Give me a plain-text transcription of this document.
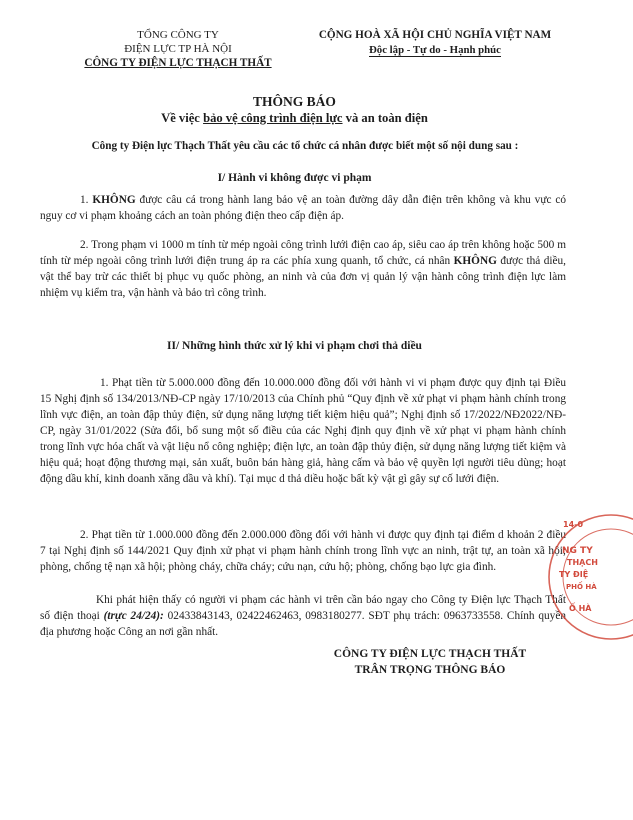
TỔNG CÔNG TY
ĐIỆN LỰC TP HÀ NỘI
CÔNG TY ĐIỆN LỰC THẠCH THẤT
CỘNG HOÀ XÃ HỘI CHỦ NGHĨA VIỆT NAM
Độc lập - Tự do - Hạnh phúc
THÔNG BÁO
Về việc bảo vệ công trình điện lực và an toàn điện
Công ty Điện lực Thạch Thất yêu cầu các tổ chức cá nhân được biết một số nội dung sau :
I/ Hành vi không được vi phạm

1. KHÔNG được câu cá trong hành lang bảo vệ an toàn đường dây dẫn điện trên không và khu vực có nguy cơ vi phạm khoảng cách an toàn phóng điện theo cấp điện áp.

2. Trong phạm vi 1000 m tính từ mép ngoài công trình lưới điện cao áp, siêu cao áp trên không hoặc 500 m tính từ mép ngoài công trình lưới điện trung áp ra các phía xung quanh, tổ chức, cá nhân KHÔNG được thả diều, vật thể bay trừ các thiết bị phục vụ quốc phòng, an ninh và của đơn vị quản lý vận hành công trình điện lực làm nhiệm vụ kiểm tra, vận hành và bảo trì công trình.

II/ Những hình thức xử lý khi vi phạm chơi thả diều

1. Phạt tiền từ 5.000.000 đồng đến 10.000.000 đồng đối với hành vi vi phạm được quy định tại Điều 15 Nghị định số 134/2013/NĐ-CP ngày 17/10/2013 của Chính phủ “Quy định về xử phạt vi phạm hành chính trong lĩnh vực điện, an toàn đập thủy điện, sử dụng năng lượng tiết kiệm hiệu quả”; Nghị định số 17/2022/NĐ2022/NĐ-CP, ngày 31/01/2022 (Sửa đổi, bổ sung một số điều của các Nghị định quy định về xử phạt vi phạm hành chính trong lĩnh vực hóa chất và vật liệu nổ công nghiệp; điện lực, an toàn đập thủy điện, sử dụng năng lượng tiết kiệm và hiệu quả; hoạt động thương mại, sản xuất, buôn bán hàng giả, hàng cấm và bảo vệ quyền lợi người tiêu dùng; hoạt động dầu khí, kinh doanh xăng dầu và khí). Tại mục d thả diều hoặc bất kỳ vật gì gây sự cố lưới điện.

2. Phạt tiền từ 1.000.000 đồng đến 2.000.000 đồng đối với hành vi được quy định tại điểm d khoản 2 điều 7 tại Nghị định số 144/2021 Quy định xử phạt vi phạm hành chính trong lĩnh vực an ninh, trật tự, an toàn xã hội; phòng, chống tệ nạn xã hội; phòng cháy, chữa cháy; cứu nạn, cứu hộ; phòng, chống bạo lực gia đình.

Khi phát hiện thấy có người vi phạm các hành vi trên cần báo ngay cho Công ty Điện lực Thạch Thất số điện thoại (trực 24/24): 02433843143, 02422462463, 0983180277. SĐT phụ trách: 0963733558. Chính quyền địa phương hoặc Công an nơi gần nhất.

CÔNG TY ĐIỆN LỰC THẠCH THẤT
TRÂN TRỌNG THÔNG BÁO
14-0
NG TY
THẠCH
TY ĐIỆ
PHỐ HÀ
Ố HÀ
